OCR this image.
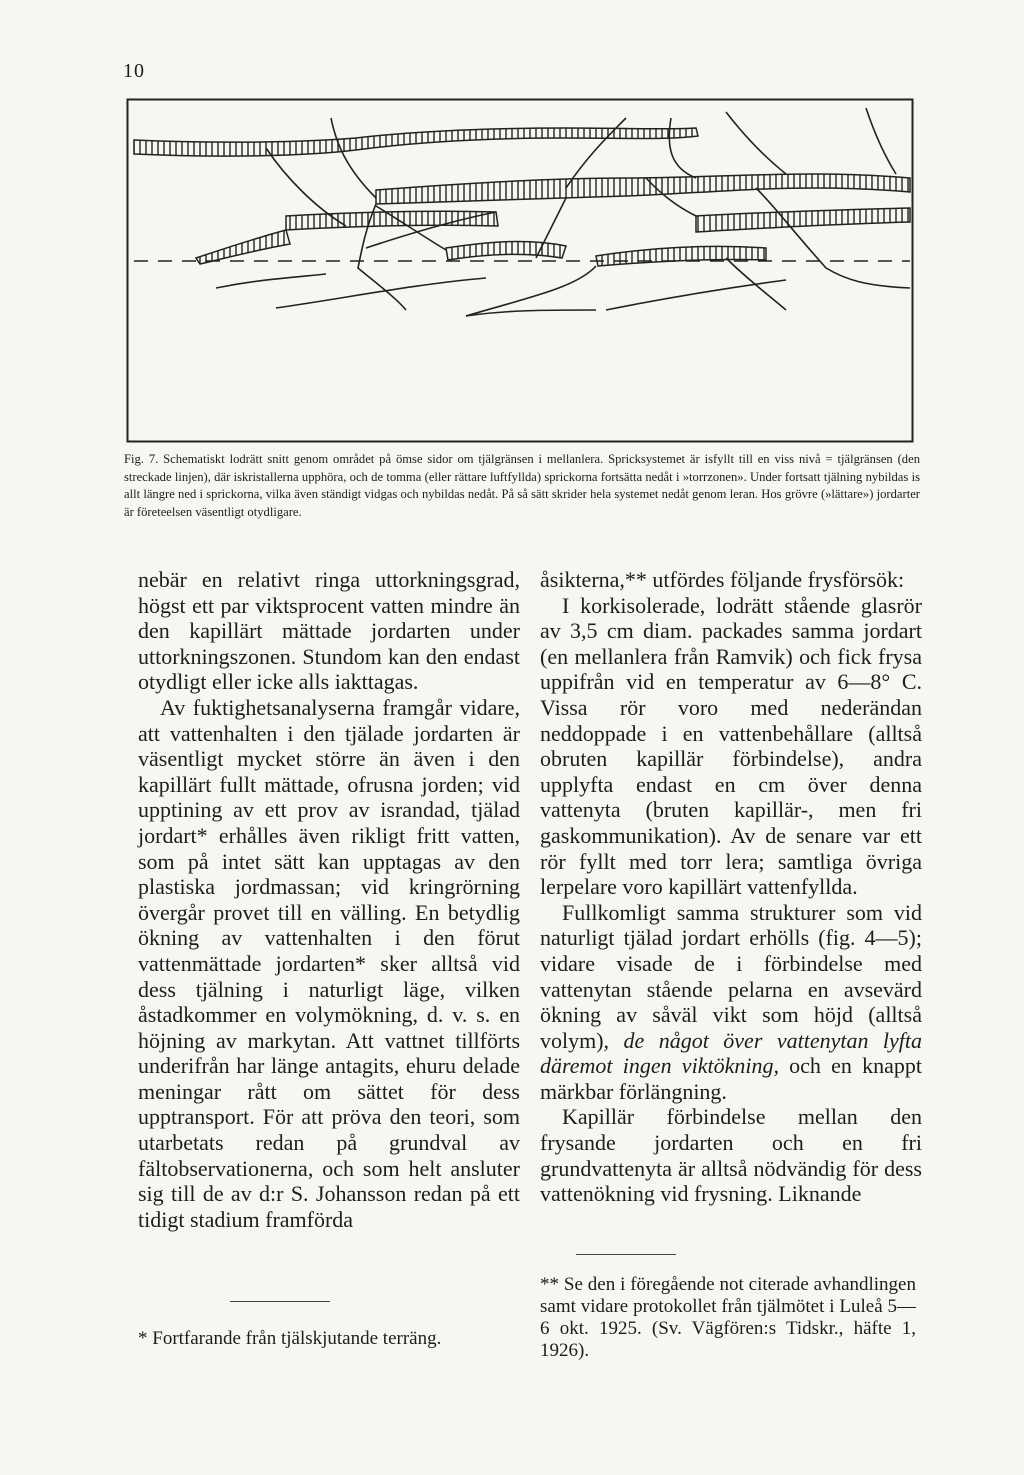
10
Fig. 7. Schematiskt lodrätt snitt genom området på ömse sidor om tjälgränsen i mellanlera. Spricksystemet är isfyllt till en viss nivå = tjälgränsen (den streckade linjen), där iskristallerna upphöra, och de tomma (eller rättare luftfyllda) sprickorna fortsätta nedåt i »torrzonen». Under fortsatt tjälning nybildas is allt längre ned i sprickorna, vilka även ständigt vidgas och nybildas nedåt. På så sätt skrider hela systemet nedåt genom leran. Hos grövre (»lättare») jordarter är företeelsen väsentligt otydligare.

nebär en relativt ringa uttorkningsgrad, högst ett par viktsprocent vatten mindre än den kapillärt mättade jordarten under uttorkningszonen. Stundom kan den endast otydligt eller icke alls iakttagas.

Av fuktighetsanalyserna framgår vidare, att vattenhalten i den tjälade jordarten är väsentligt mycket större än även i den kapillärt fullt mättade, ofrusna jorden; vid upptining av ett prov av israndad, tjälad jordart* erhålles även rikligt fritt vatten, som på intet sätt kan upptagas av den plastiska jordmassan; vid kringrörning övergår provet till en välling. En betydlig ökning av vattenhalten i den förut vattenmättade jordarten* sker alltså vid dess tjälning i naturligt läge, vilken åstadkommer en volymökning, d. v. s. en höjning av markytan. Att vattnet tillförts underifrån har länge antagits, ehuru delade meningar rått om sättet för dess upptransport. För att pröva den teori, som utarbetats redan på grundval av fältobservationerna, och som helt ansluter sig till de av d:r S. Johansson redan på ett tidigt stadium framförda

åsikterna,** utfördes följande frysförsök:

I korkisolerade, lodrätt stående glasrör av 3,5 cm diam. packades samma jordart (en mellanlera från Ramvik) och fick frysa uppifrån vid en temperatur av 6—8° C. Vissa rör voro med nederändan neddoppade i en vattenbehållare (alltså obruten kapillär förbindelse), andra upplyfta endast en cm över denna vattenyta (bruten kapillär-, men fri gaskommunikation). Av de senare var ett rör fyllt med torr lera; samtliga övriga lerpelare voro kapillärt vattenfyllda.

Fullkomligt samma strukturer som vid naturligt tjälad jordart erhölls (fig. 4—5); vidare visade de i förbindelse med vattenytan stående pelarna en avsevärd ökning av såväl vikt som höjd (alltså volym), de något över vattenytan lyfta däremot ingen viktökning, och en knappt märkbar förlängning.

Kapillär förbindelse mellan den frysande jordarten och en fri grundvattenyta är alltså nödvändig för dess vattenökning vid frysning. Liknande

* Fortfarande från tjälskjutande terräng.
** Se den i föregående not citerade avhandlingen samt vidare protokollet från tjälmötet i Luleå 5—6 okt. 1925. (Sv. Vägfören:s Tidskr., häfte 1, 1926).
